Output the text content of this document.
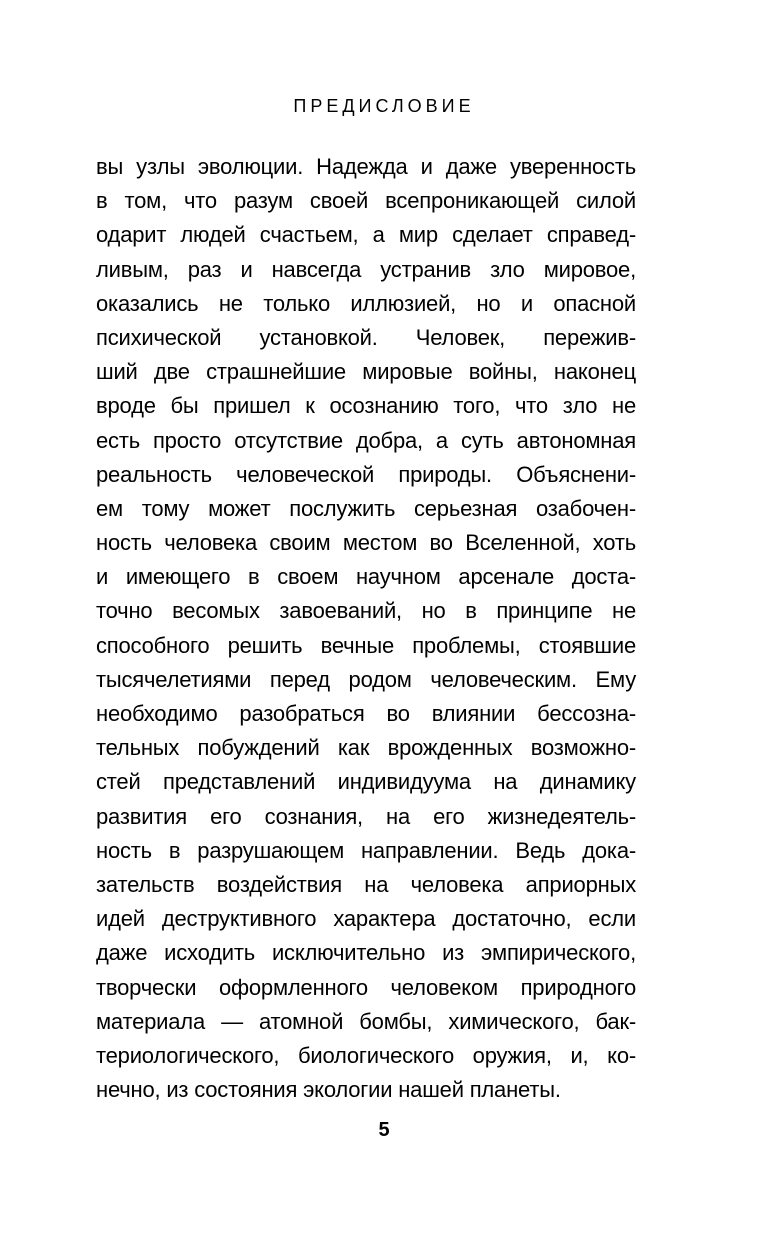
ПРЕДИСЛОВИЕ
вы узлы эволюции. Надежда и даже уверенность
в том, что разум своей всепроникающей силой
одарит людей счастьем, а мир сделает справед-
ливым, раз и навсегда устранив зло мировое,
оказались не только иллюзией, но и опасной
психической установкой. Человек, пережив-
ший две страшнейшие мировые войны, наконец
вроде бы пришел к осознанию того, что зло не
есть просто отсутствие добра, а суть автономная
реальность человеческой природы. Объяснени-
ем тому может послужить серьезная озабочен-
ность человека своим местом во Вселенной, хоть
и имеющего в своем научном арсенале доста-
точно весомых завоеваний, но в принципе не
способного решить вечные проблемы, стоявшие
тысячелетиями перед родом человеческим. Ему
необходимо разобраться во влиянии бессозна-
тельных побуждений как врожденных возможно-
стей представлений индивидуума на динамику
развития его сознания, на его жизнедеятель-
ность в разрушающем направлении. Ведь дока-
зательств воздействия на человека априорных
идей деструктивного характера достаточно, если
даже исходить исключительно из эмпирического,
творчески оформленного человеком природного
материала — атомной бомбы, химического, бак-
териологического, биологического оружия, и, ко-
нечно, из состояния экологии нашей планеты.
5
